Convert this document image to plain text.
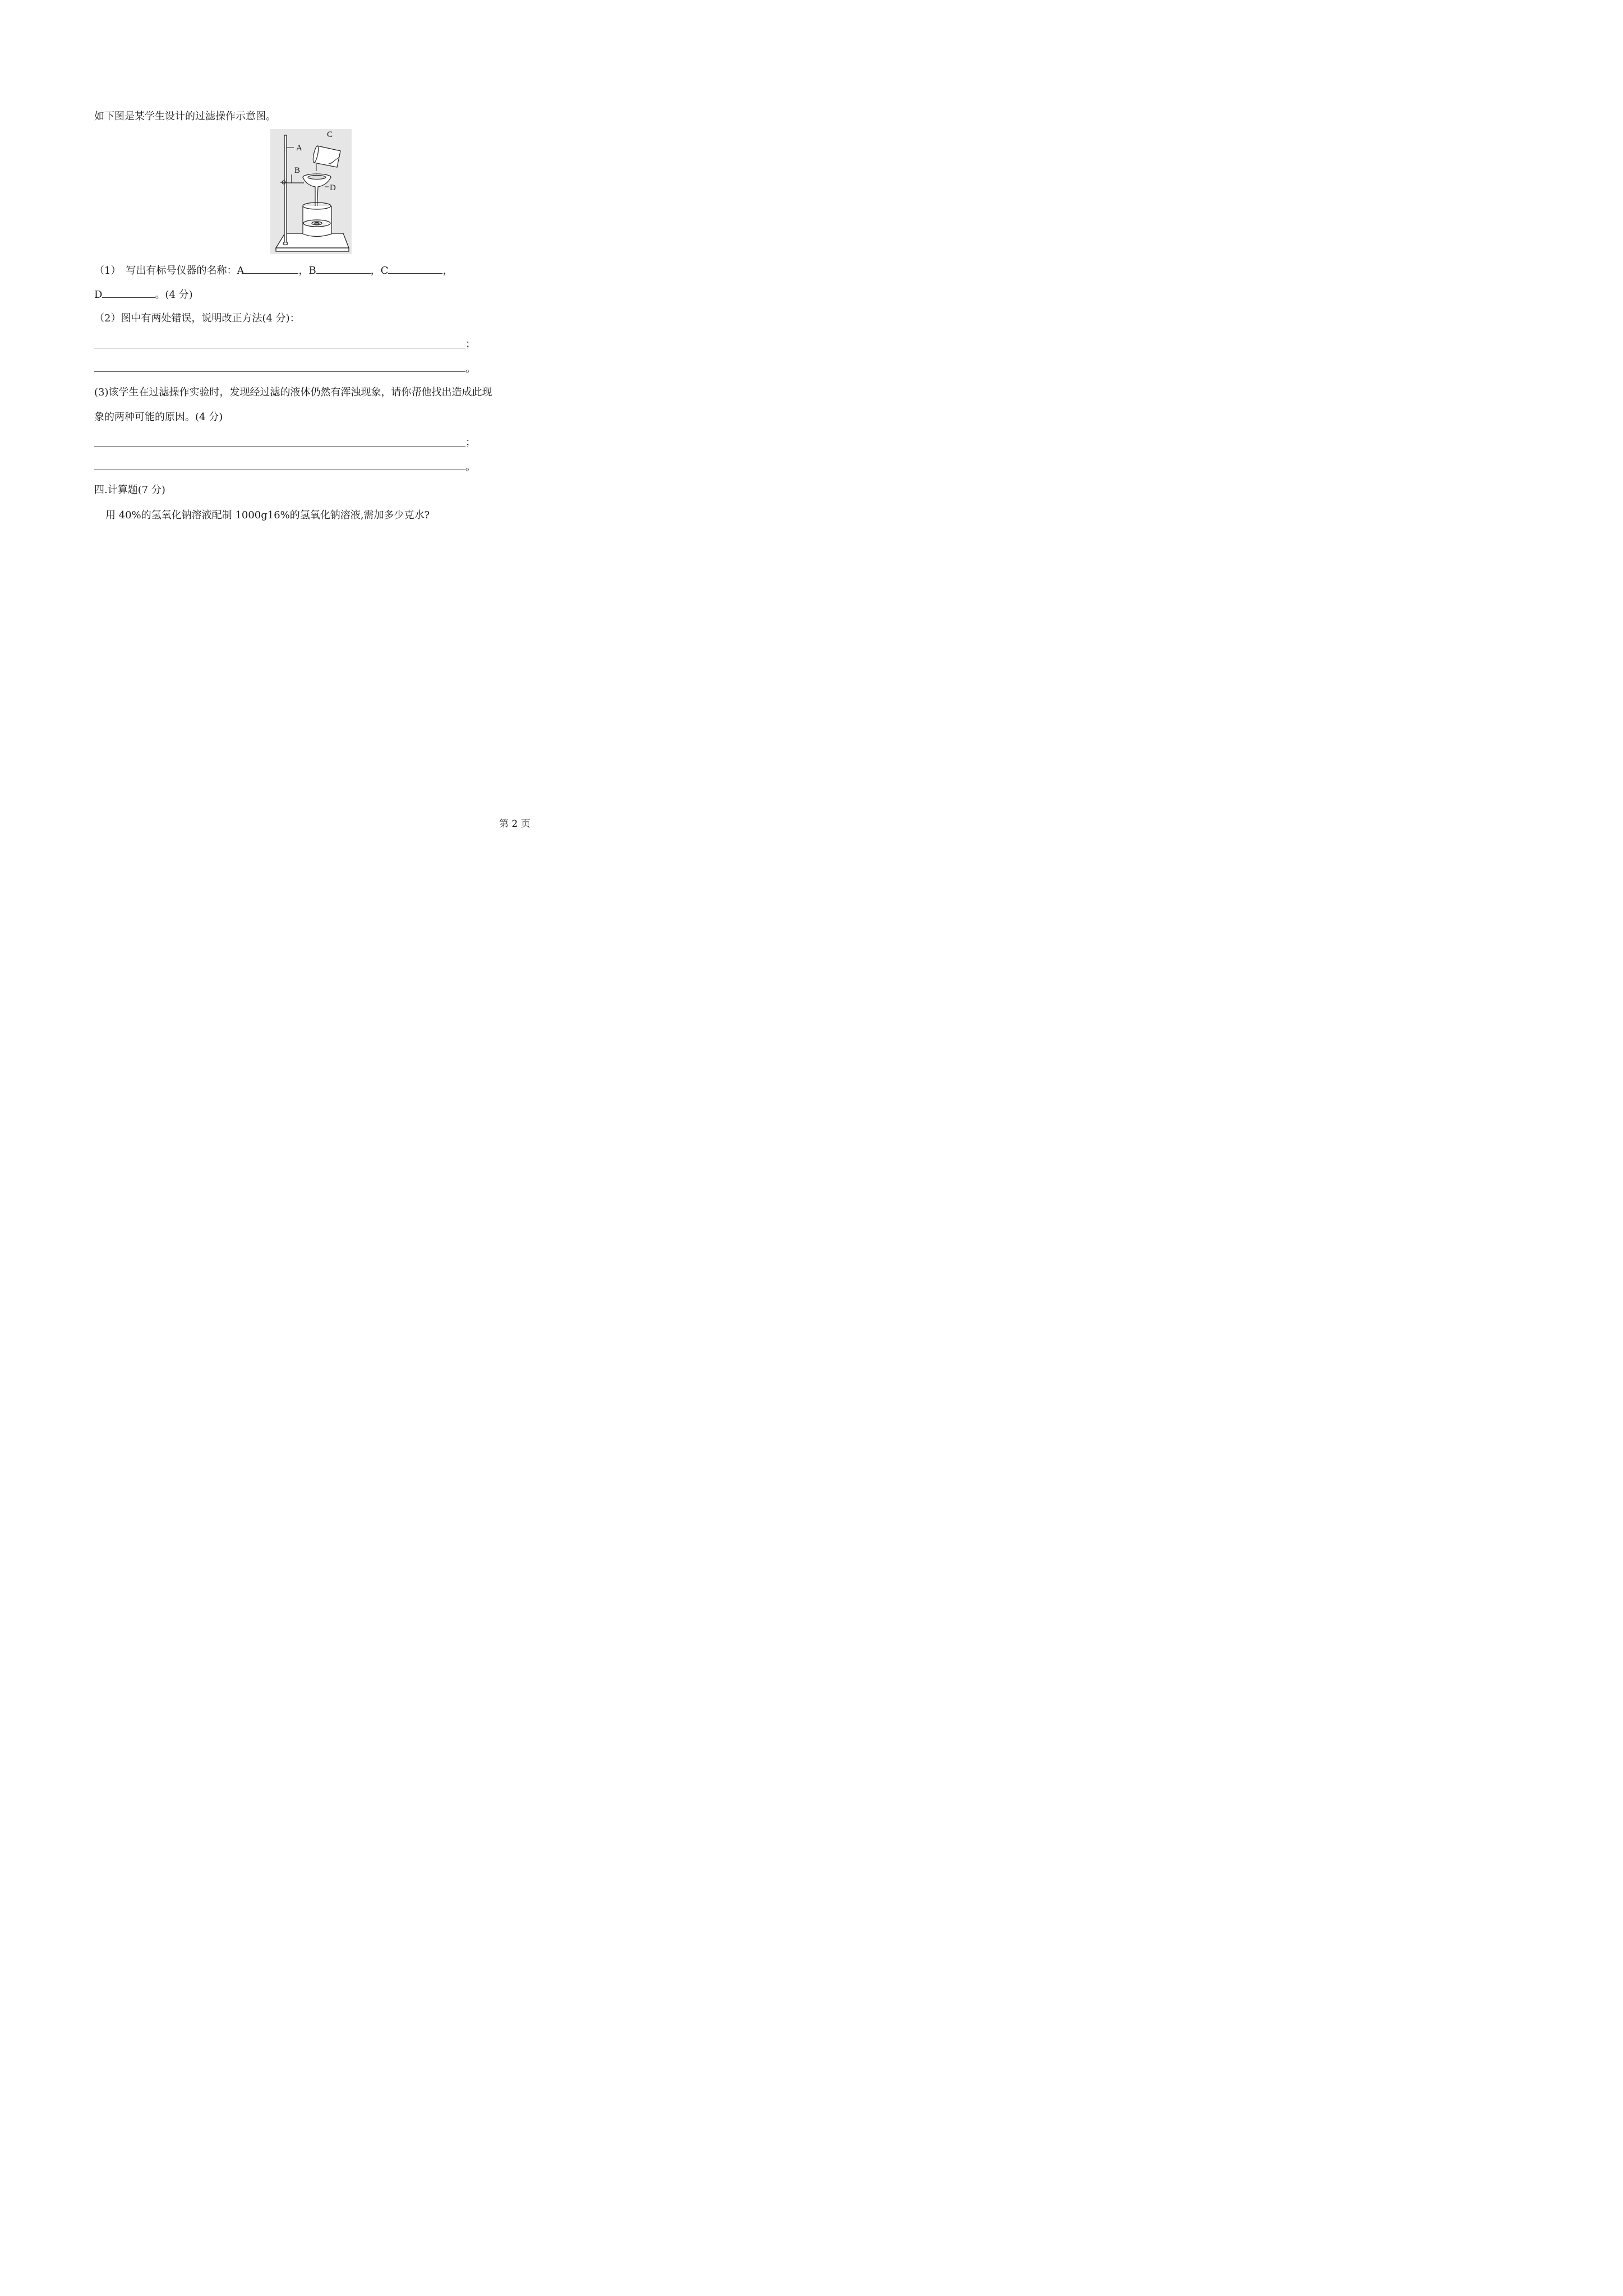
如下图是某学生设计的过滤操作示意图。
A
B
C
D
（1）　写出有标号仪器的名称：A	，B	，C	，
D	。(4 分)
（2）图中有两处错误，说明改正方法(4 分)：
；
。
(3)该学生在过滤操作实验时，发现经过滤的液体仍然有浑浊现象，请你帮他找出造成此现
象的两种可能的原因。(4 分)
；
。
四.计算题(7 分)
用 40%的氢氧化钠溶液配制 1000g16%的氢氧化钠溶液,需加多少克水?
第 2 页
